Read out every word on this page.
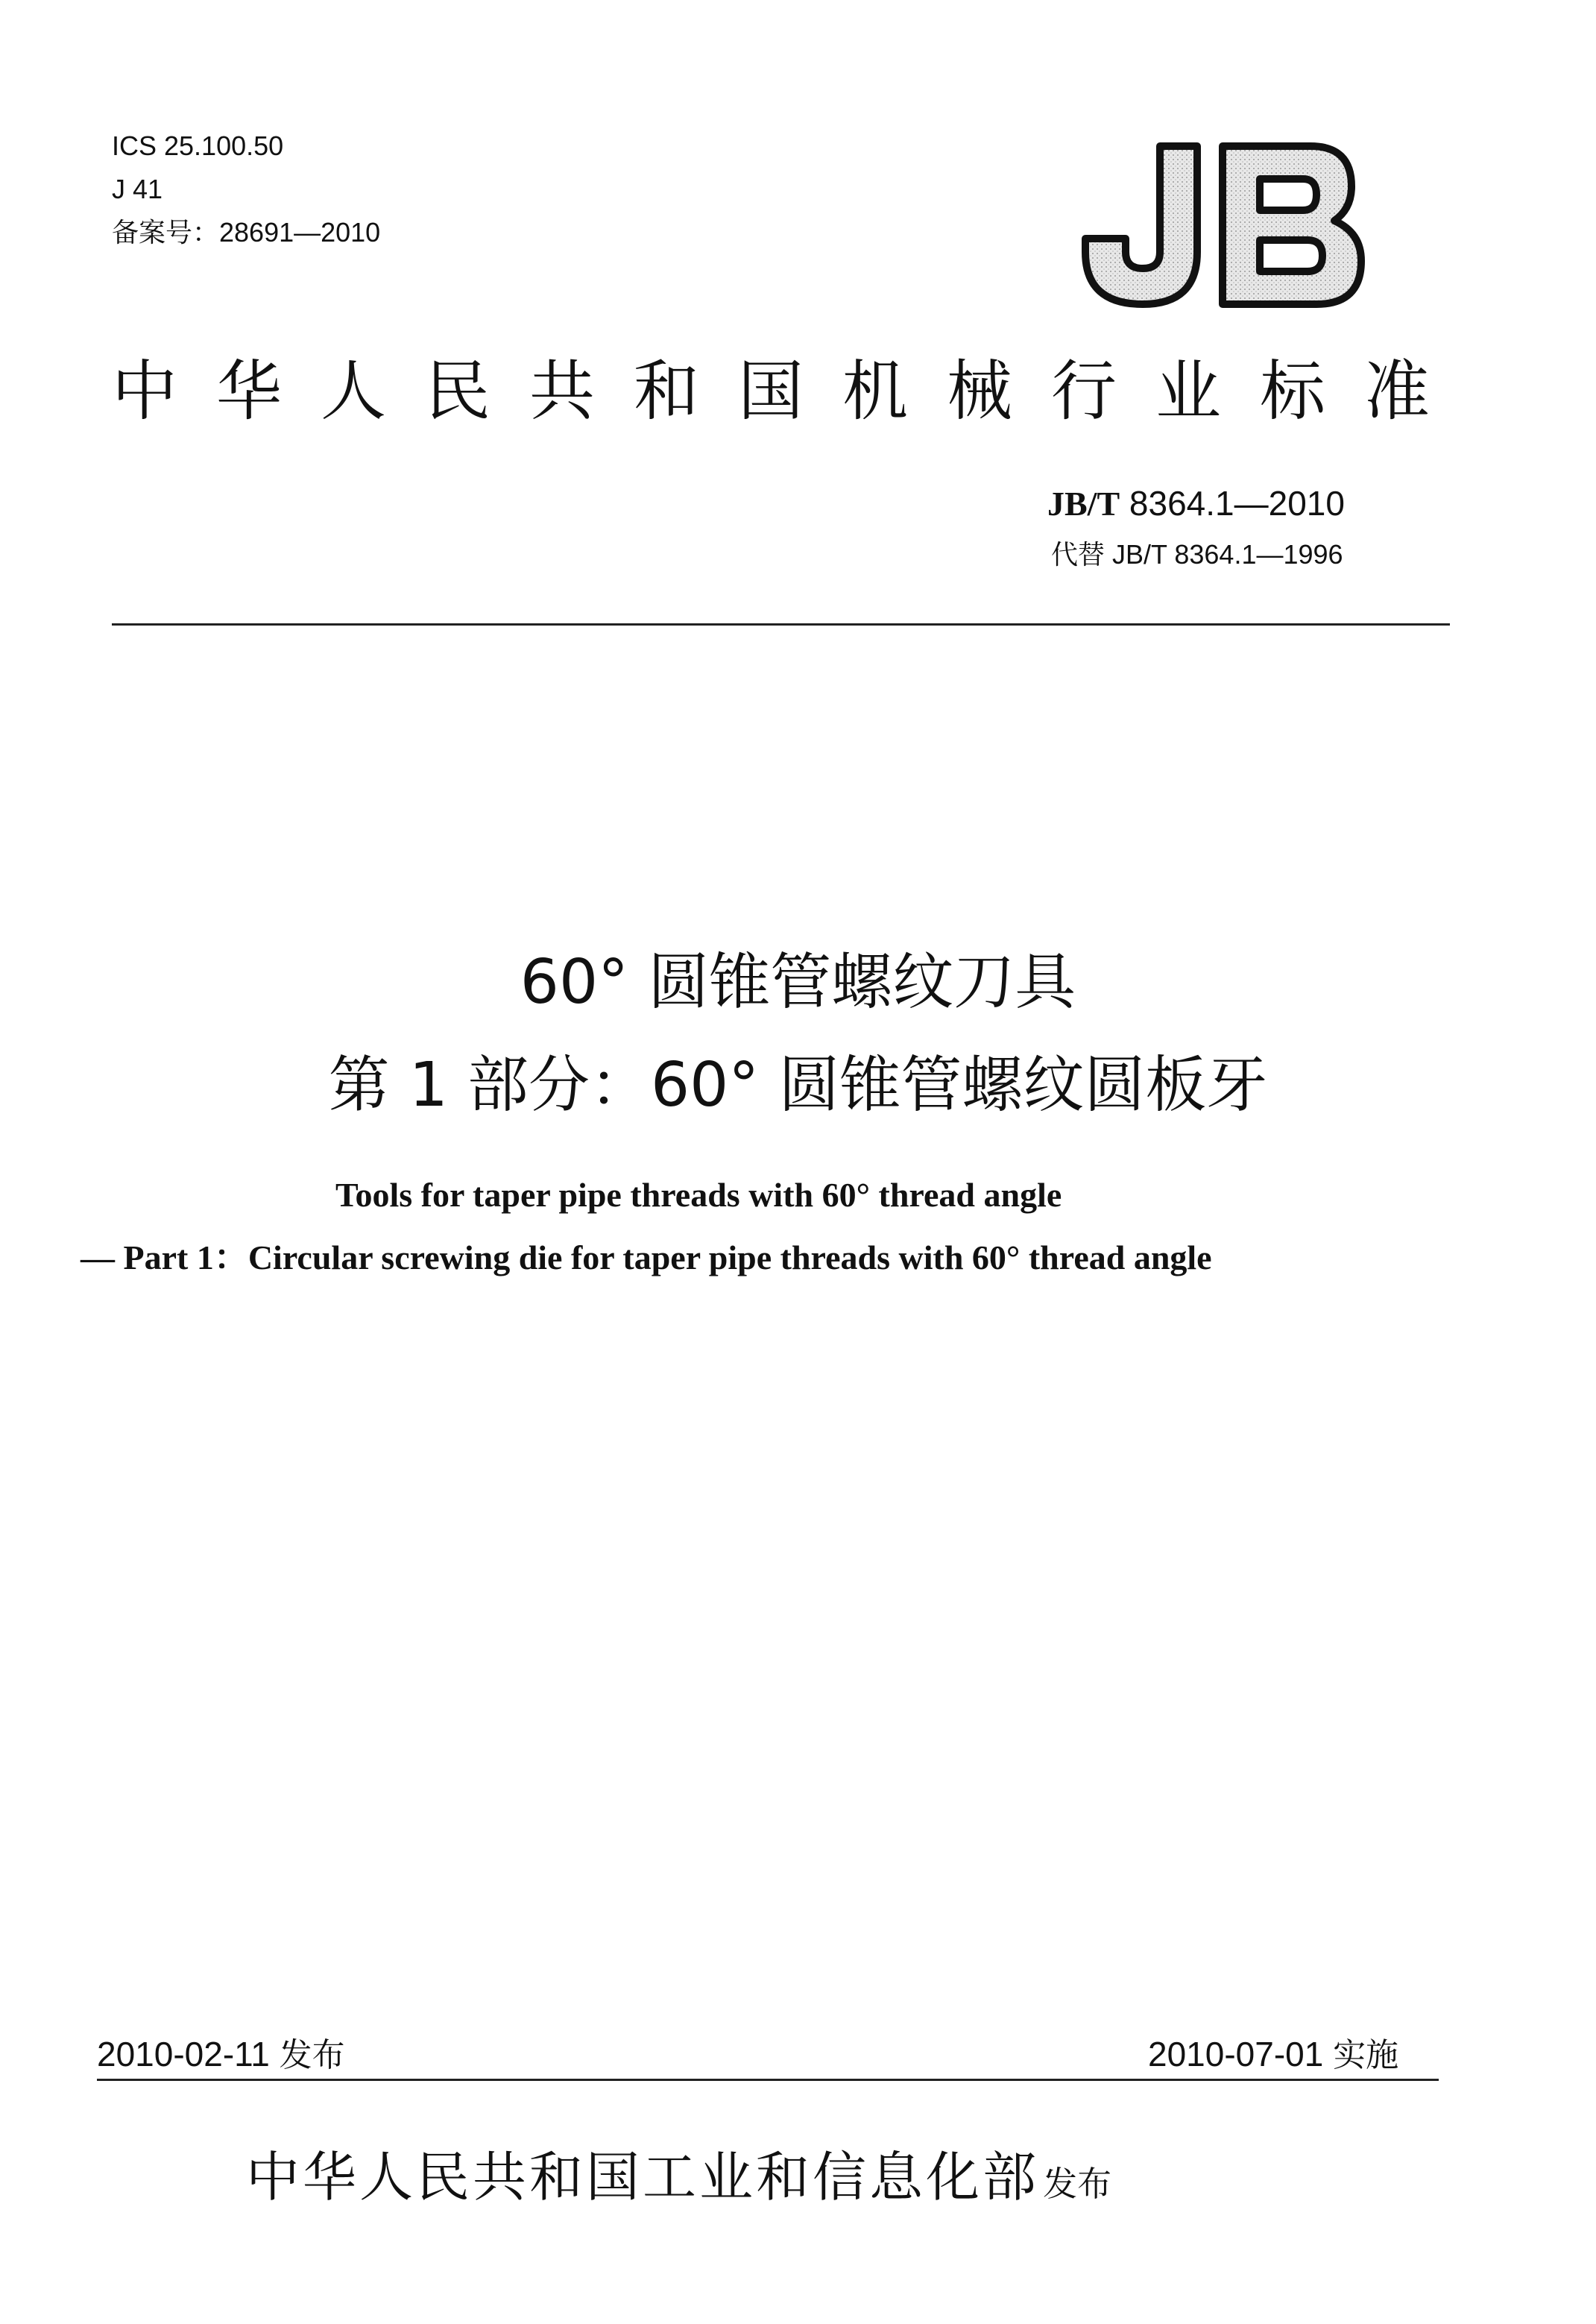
ICS 25.100.50
J 41
备案号：28691—2010
中华人民共和国机械行业标准
JB/T 8364.1—2010
代替 JB/T 8364.1—1996
60° 圆锥管螺纹刀具
第 1 部分：60° 圆锥管螺纹圆板牙
Tools for taper pipe threads with 60° thread angle
— Part 1：Circular screwing die for taper pipe threads with 60° thread angle
2010-02-11 发布	2010-07-01 实施
中华人民共和国工业和信息化部 发布
